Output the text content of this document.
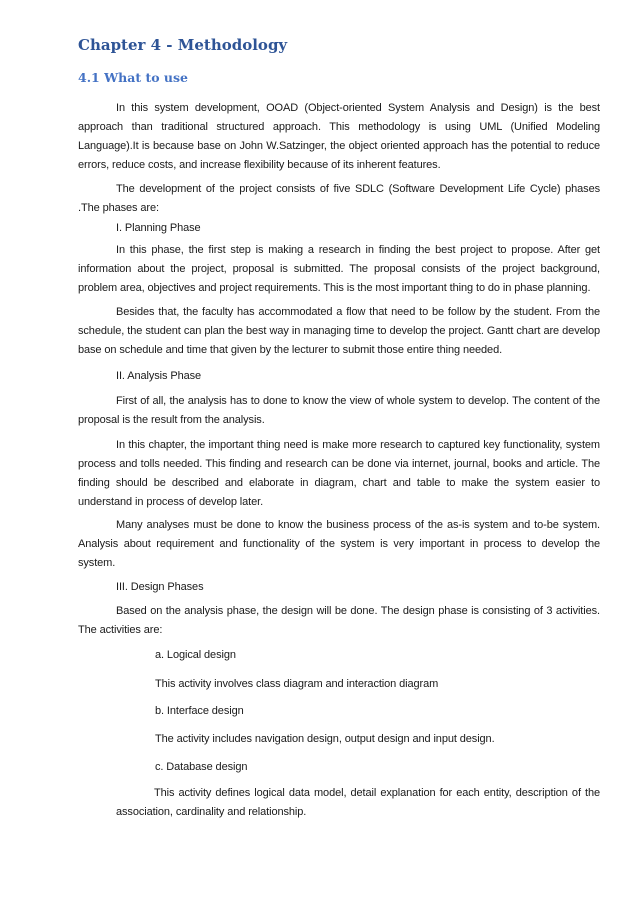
Chapter 4 - Methodology
4.1 What to use

In this system development, OOAD (Object-oriented System Analysis and Design) is the best approach than traditional structured approach. This methodology is using UML (Unified Modeling Language).It is because base on John W.Satzinger, the object oriented approach has the potential to reduce errors, reduce costs, and increase flexibility because of its inherent features.

The development of the project consists of five SDLC (Software Development Life Cycle) phases .The phases are:

I. Planning Phase

In this phase, the first step is making a research in finding the best project to propose. After get information about the project, proposal is submitted. The proposal consists of the project background, problem area, objectives and project requirements. This is the most important thing to do in phase planning.

Besides that, the faculty has accommodated a flow that need to be follow by the student. From the schedule, the student can plan the best way in managing time to develop the project. Gantt chart are develop base on schedule and time that given by the lecturer to submit those entire thing needed.

II. Analysis Phase

First of all, the analysis has to done to know the view of whole system to develop. The content of the proposal is the result from the analysis.

In this chapter, the important thing need is make more research to captured key functionality, system process and tolls needed. This finding and research can be done via internet, journal, books and article. The finding should be described and elaborate in diagram, chart and table to make the system easier to understand in process of develop later.

Many analyses must be done to know the business process of the as-is system and to-be system. Analysis about requirement and functionality of the system is very important in process to develop the system.

III. Design Phases

Based on the analysis phase, the design will be done. The design phase is consisting of 3 activities. The activities are:

a. Logical design

This activity involves class diagram and interaction diagram

b. Interface design

The activity includes navigation design, output design and input design.

c. Database design

This activity defines logical data model, detail explanation for each entity, description of the association, cardinality and relationship.
